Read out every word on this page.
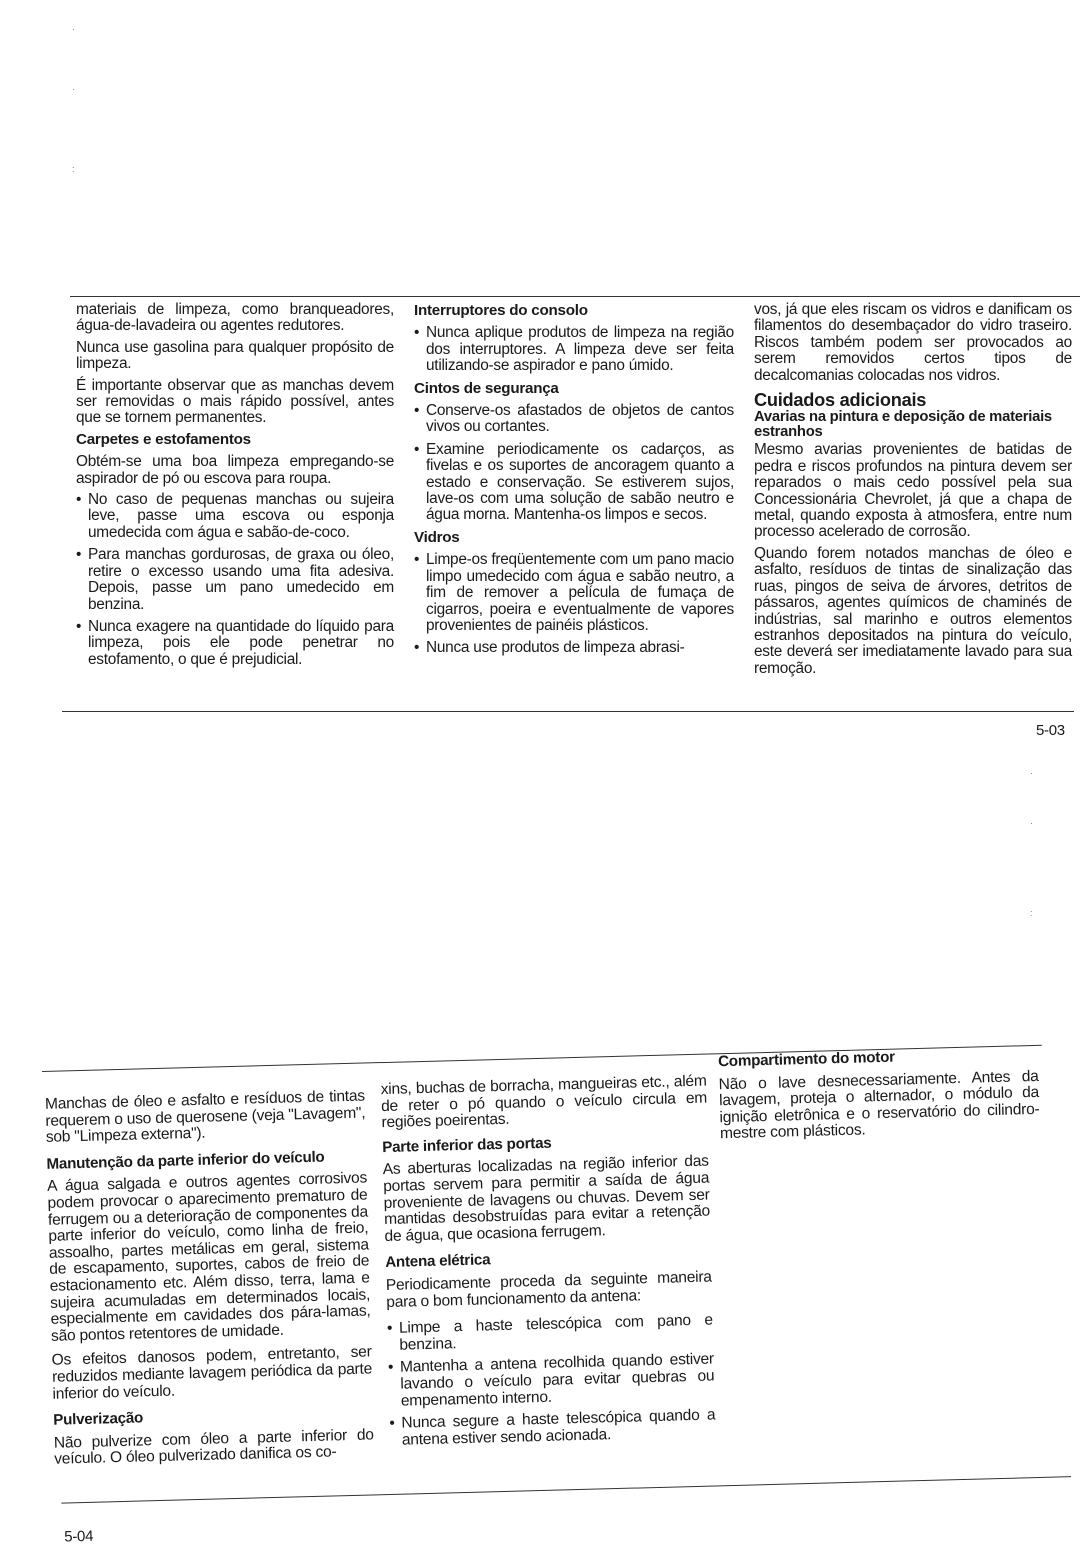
·

·

:

materiais de limpeza, como branqueadores, água-de-lavadeira ou agentes redutores.

Nunca use gasolina para qualquer propósito de limpeza.

É importante observar que as manchas devem ser removidas o mais rápido possível, antes que se tornem permanentes.

Carpetes e estofamentos

Obtém-se uma boa limpeza empregando-se aspirador de pó ou escova para roupa.

• No caso de pequenas manchas ou sujeira leve, passe uma escova ou esponja umedecida com água e sabão-de-coco.
• Para manchas gordurosas, de graxa ou óleo, retire o excesso usando uma fita adesiva. Depois, passe um pano umedecido em benzina.
• Nunca exagere na quantidade do líquido para limpeza, pois ele pode penetrar no estofamento, o que é prejudicial.
Interruptores do consolo
• Nunca aplique produtos de limpeza na região dos interruptores. A limpeza deve ser feita utilizando-se aspirador e pano úmido.
Cintos de segurança
• Conserve-os afastados de objetos de cantos vivos ou cortantes.
• Examine periodicamente os cadarços, as fivelas e os suportes de ancoragem quanto a estado e conservação. Se estiverem sujos, lave-os com uma solução de sabão neutro e água morna. Mantenha-os limpos e secos.
Vidros
• Limpe-os freqüentemente com um pano macio limpo umedecido com água e sabão neutro, a fim de remover a película de fumaça de cigarros, poeira e eventualmente de vapores provenientes de painéis plásticos.
• Nunca use produtos de limpeza abrasi-

vos, já que eles riscam os vidros e danificam os filamentos do desembaçador do vidro traseiro. Riscos também podem ser provocados ao serem removidos certos tipos de decalcomanias colocadas nos vidros.

Cuidados adicionais
Avarias na pintura e deposição de materiais estranhos

Mesmo avarias provenientes de batidas de pedra e riscos profundos na pintura devem ser reparados o mais cedo possível pela sua Concessionária Chevrolet, já que a chapa de metal, quando exposta à atmosfera, entre num processo acelerado de corrosão.

Quando forem notados manchas de óleo e asfalto, resíduos de tintas de sinalização das ruas, pingos de seiva de árvores, detritos de pássaros, agentes químicos de chaminés de indústrias, sal marinho e outros elementos estranhos depositados na pintura do veículo, este deverá ser imediatamente lavado para sua remoção.

5-03
·

·

:

Manchas de óleo e asfalto e resíduos de tintas requerem o uso de querosene (veja "Lavagem", sob "Limpeza externa").

Manutenção da parte inferior do veículo

A água salgada e outros agentes corrosivos podem provocar o aparecimento prematuro de ferrugem ou a deterioração de componentes da parte inferior do veículo, como linha de freio, assoalho, partes metálicas em geral, sistema de escapamento, suportes, cabos de freio de estacionamento etc. Além disso, terra, lama e sujeira acumuladas em determinados locais, especialmente em cavidades dos pára-lamas, são pontos retentores de umidade.

Os efeitos danosos podem, entretanto, ser reduzidos mediante lavagem periódica da parte inferior do veículo.

Pulverização

Não pulverize com óleo a parte inferior do veículo. O óleo pulverizado danifica os co-

xins, buchas de borracha, mangueiras etc., além de reter o pó quando o veículo circula em regiões poeirentas.

Parte inferior das portas

As aberturas localizadas na região inferior das portas servem para permitir a saída de água proveniente de lavagens ou chuvas. Devem ser mantidas desobstruídas para evitar a retenção de água, que ocasiona ferrugem.

Antena elétrica

Periodicamente proceda da seguinte maneira para o bom funcionamento da antena:

• Limpe a haste telescópica com pano e benzina.
• Mantenha a antena recolhida quando estiver lavando o veículo para evitar quebras ou empenamento interno.
• Nunca segure a haste telescópica quando a antena estiver sendo acionada.
Compartimento do motor

Não o lave desnecessariamente. Antes da lavagem, proteja o alternador, o módulo da ignição eletrônica e o reservatório do cilindro-mestre com plásticos.

5-04
